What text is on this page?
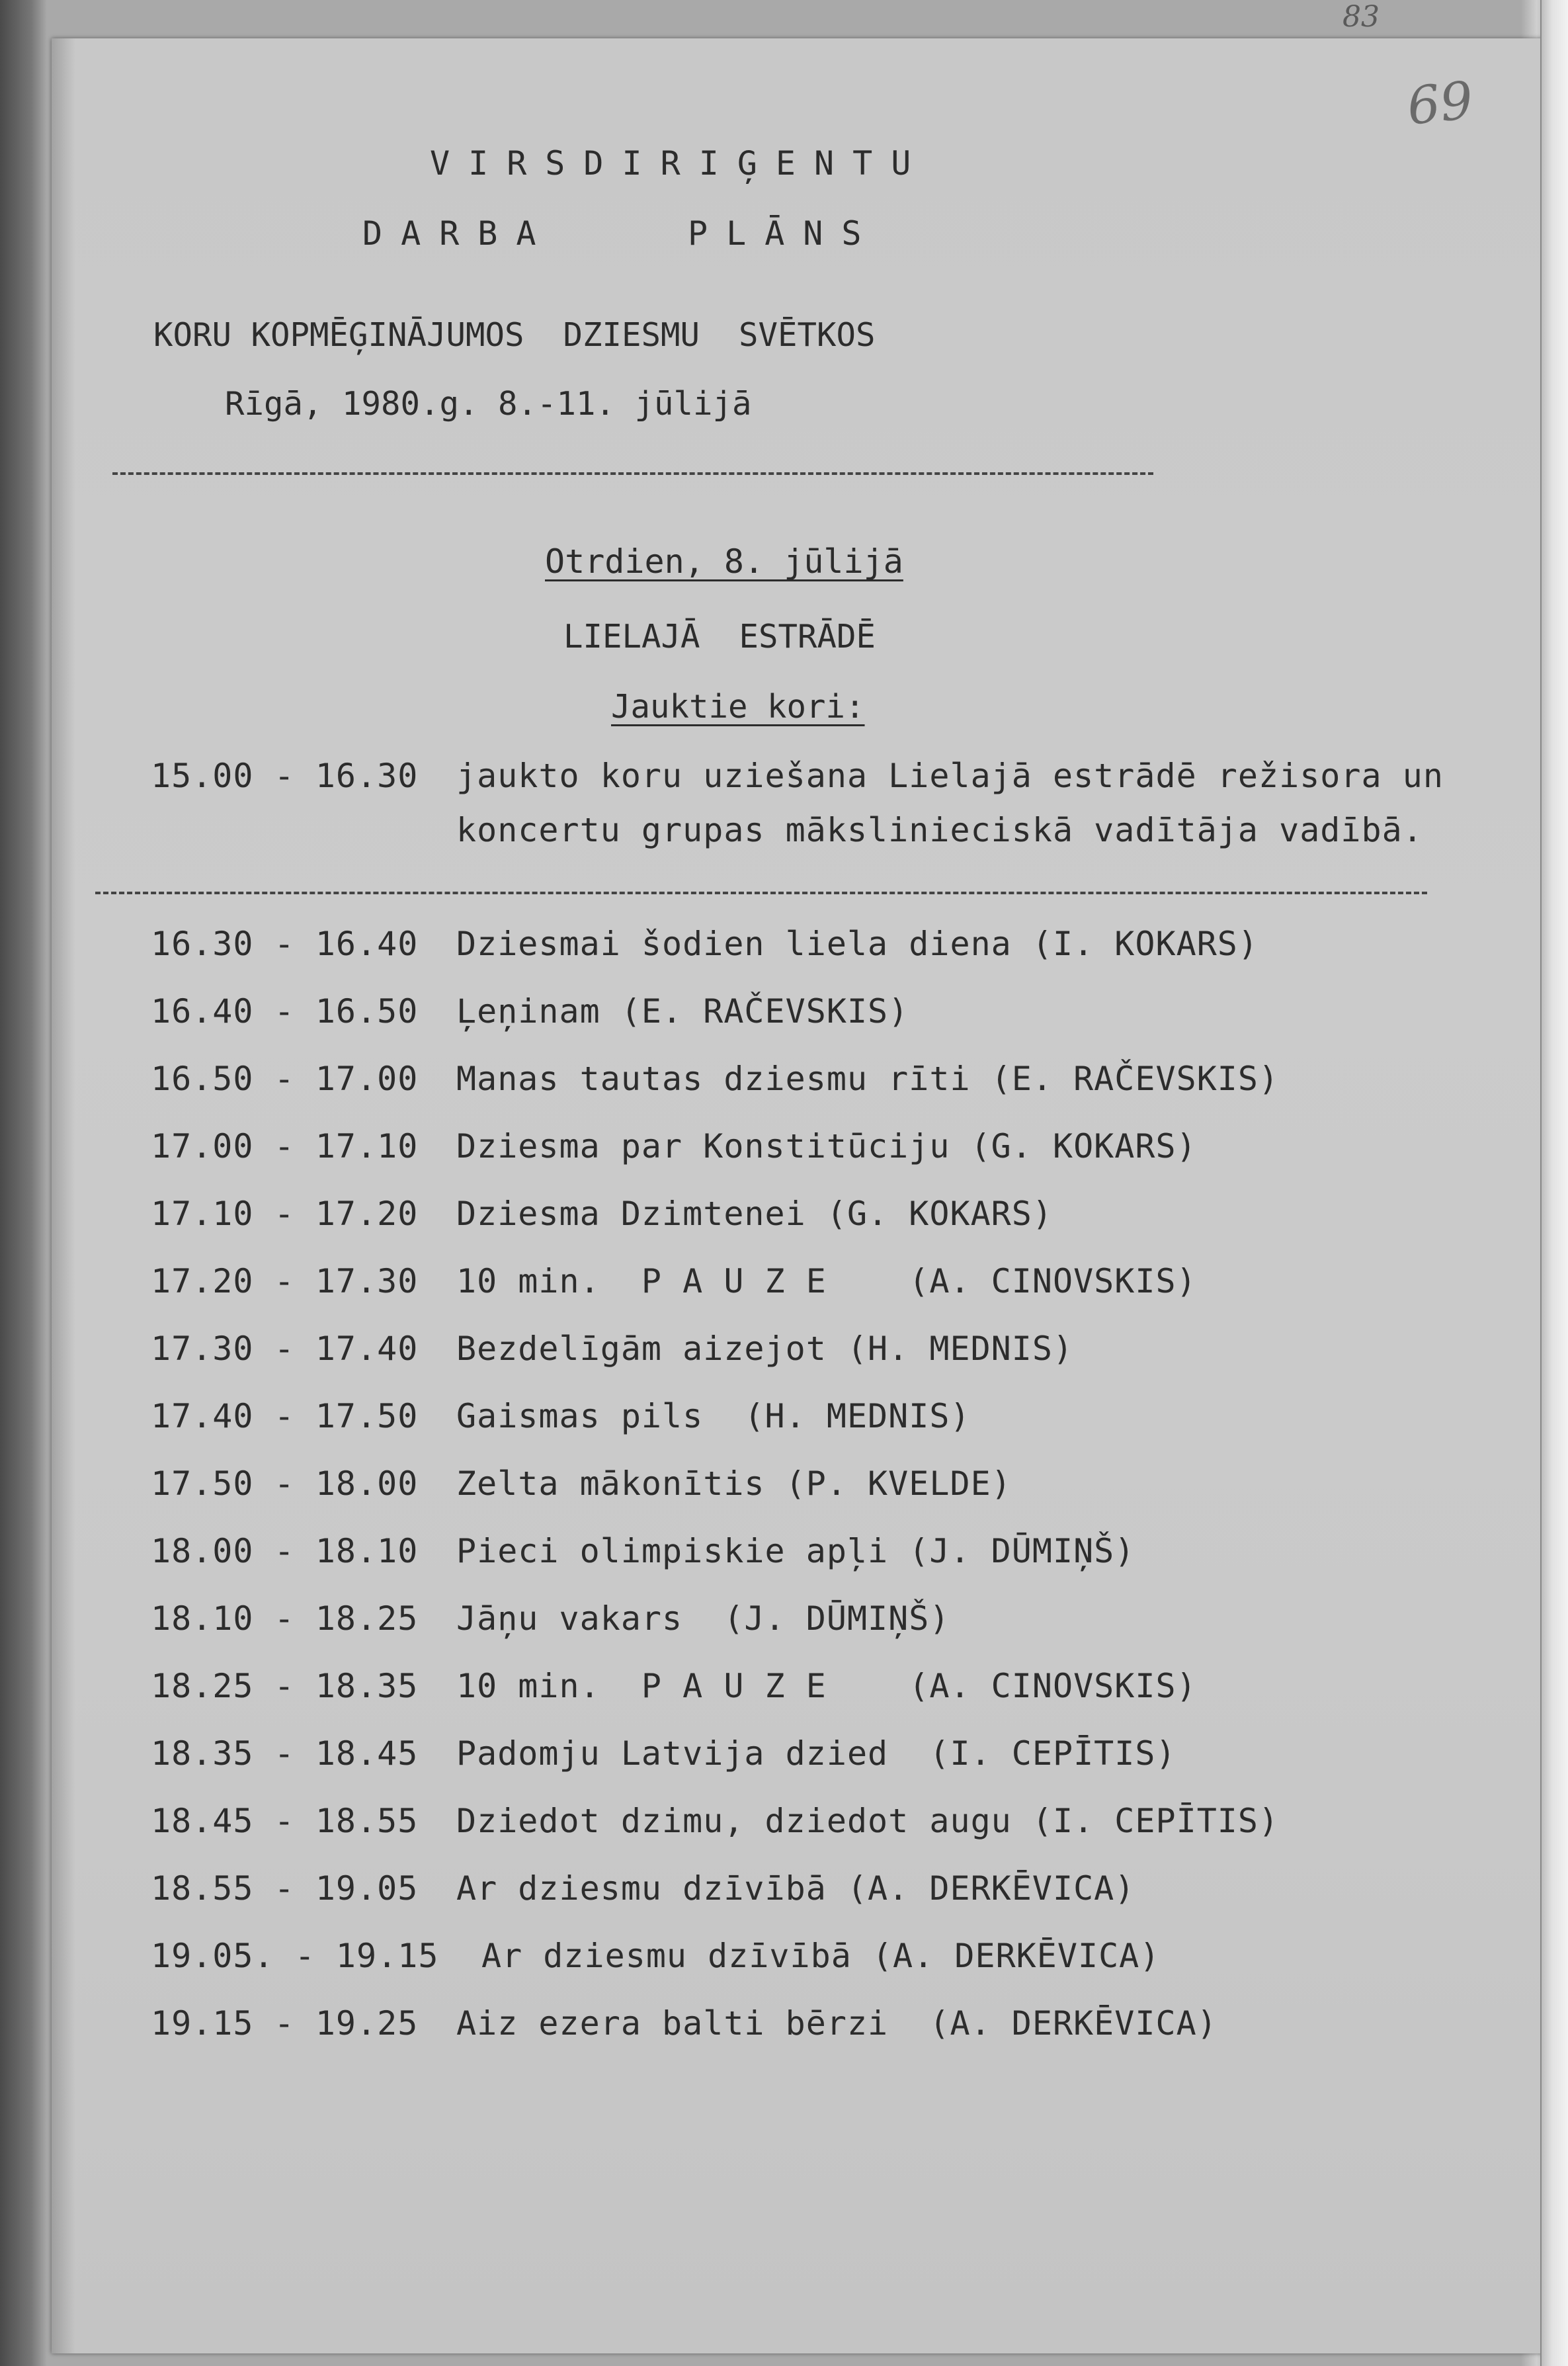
VIRSDIRIĢENTU
DARBA	PLĀNS
KORU KOPMĒĢINĀJUMOS  DZIESMU  SVĒTKOS
Rīgā, 1980.g. 8.-11. jūlijā
Otrdien, 8. jūlijā
LIELAJĀ  ESTRĀDĒ
Jauktie kori:
15.00 - 16.30 jaukto koru uziešana Lielajā estrādē režisora un
koncertu grupas mākslinieciskā vadītāja vadībā.
16.30 - 16.40 Dziesmai šodien liela diena (I. KOKARS)
16.40 - 16.50 Ļeņinam (E. RAČEVSKIS)
16.50 - 17.00 Manas tautas dziesmu rīti (E. RAČEVSKIS)
17.00 - 17.10 Dziesma par Konstitūciju (G. KOKARS)
17.10 - 17.20 Dziesma Dzimtenei (G. KOKARS)
17.20 - 17.30 10 min.  P A U Z E    (A. CINOVSKIS)
17.30 - 17.40 Bezdelīgām aizejot (H. MEDNIS)
17.40 - 17.50 Gaismas pils  (H. MEDNIS)
17.50 - 18.00 Zelta mākonītis (P. KVELDE)
18.00 - 18.10 Pieci olimpiskie apļi (J. DŪMIŅŠ)
18.10 - 18.25 Jāņu vakars  (J. DŪMIŅŠ)
18.25 - 18.35 10 min.  P A U Z E    (A. CINOVSKIS)
18.35 - 18.45 Padomju Latvija dzied  (I. CEPĪTIS)
18.45 - 18.55 Dziedot dzimu, dziedot augu (I. CEPĪTIS)
18.55 - 19.05 Ar dziesmu dzīvībā (A. DERKĒVICA)
19.05. - 19.15 Ar dziesmu dzīvībā (A. DERKĒVICA)
19.15 - 19.25 Aiz ezera balti bērzi  (A. DERKĒVICA)
83
69
